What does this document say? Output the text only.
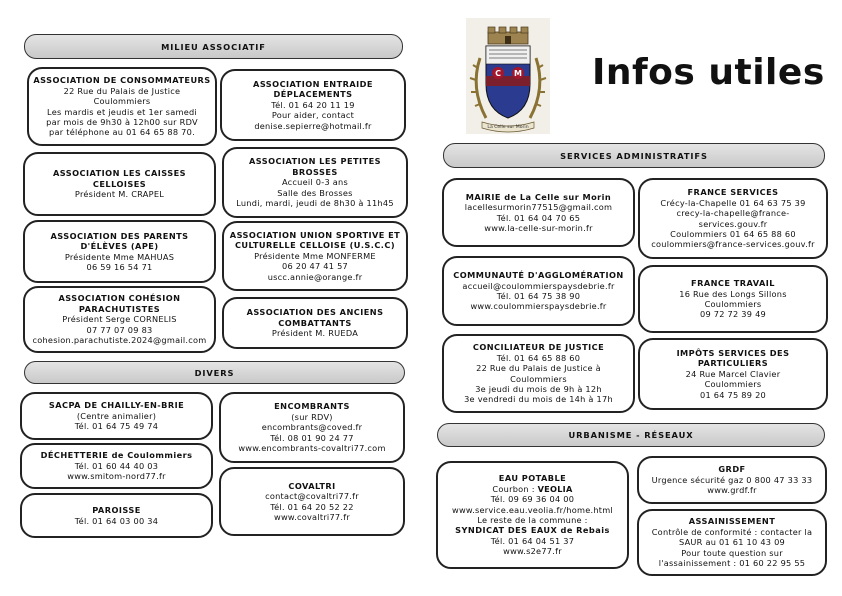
MILIEU ASSOCIATIF
DIVERS
SERVICES ADMINISTRATIFS
URBANISME - RÉSEAUX
Infos utiles
C M
La Celle sur Morin
ASSOCIATION DE CONSOMMATEURS
22 Rue du Palais de Justice
Coulommiers
Les mardis et jeudis et 1er samedi
par mois de 9h30 à 12h00 sur RDV
par téléphone au 01 64 65 88 70.
ASSOCIATION LES CAISSES CELLOISES
Président M. CRAPEL
ASSOCIATION DES PARENTS D'ÉLÈVES (APE)
Présidente Mme MAHUAS
06 59 16 54 71
ASSOCIATION COHÉSION PARACHUTISTES
Président Serge CORNELIS
07 77 07 09 83
cohesion.parachutiste.2024@gmail.com
ASSOCIATION ENTRAIDE DÉPLACEMENTS
Tél. 01 64 20 11 19
Pour aider, contact
denise.sepierre@hotmail.fr
ASSOCIATION LES PETITES BROSSES
Accueil 0-3 ans
Salle des Brosses
Lundi, mardi, jeudi de 8h30 à 11h45
ASSOCIATION UNION SPORTIVE ET CULTURELLE CELLOISE (U.S.C.C)
Présidente Mme MONFERME
06 20 47 41 57
uscc.annie@orange.fr
ASSOCIATION DES ANCIENS COMBATTANTS
Président M. RUEDA
SACPA DE CHAILLY-EN-BRIE
(Centre animalier)
Tél. 01 64 75 49 74
DÉCHETTERIE de Coulommiers
Tél. 01 60 44 40 03
www.smitom-nord77.fr
PAROISSE
Tél. 01 64 03 00 34
ENCOMBRANTS
(sur RDV)
encombrants@coved.fr
Tél. 08 01 90 24 77
www.encombrants-covaltri77.com
COVALTRI
contact@covaltri77.fr
Tél. 01 64 20 52 22
www.covaltri77.fr
MAIRIE de La Celle sur Morin
lacellesurmorin77515@gmail.com
Tél. 01 64 04 70 65
www.la-celle-sur-morin.fr
COMMUNAUTÉ D'AGGLOMÉRATION
accueil@coulommierspaysdebrie.fr
Tél. 01 64 75 38 90
www.coulommierspaysdebrie.fr
CONCILIATEUR DE JUSTICE
Tél. 01 64 65 88 60
22 Rue du Palais de Justice à
Coulommiers
3e jeudi du mois de 9h à 12h
3e vendredi du mois de 14h à 17h
FRANCE SERVICES
Crécy-la-Chapelle 01 64 63 75 39
crecy-la-chapelle@france-
services.gouv.fr
Coulommiers 01 64 65 88 60
coulommiers@france-services.gouv.fr
FRANCE TRAVAIL
16 Rue des Longs Sillons
Coulommiers
09 72 72 39 49
IMPÔTS SERVICES DES PARTICULIERS
24 Rue Marcel Clavier
Coulommiers
01 64 75 89 20
EAU POTABLE
Courbon : VEOLIA
Tél. 09 69 36 04 00
www.service.eau.veolia.fr/home.html
Le reste de la commune :
SYNDICAT DES EAUX de Rebais
Tél. 01 64 04 51 37
www.s2e77.fr
GRDF
Urgence sécurité gaz 0 800 47 33 33
www.grdf.fr
ASSAINISSEMENT
Contrôle de conformité : contacter la
SAUR au 01 61 10 43 09
Pour toute question sur
l'assainissement : 01 60 22 95 55
